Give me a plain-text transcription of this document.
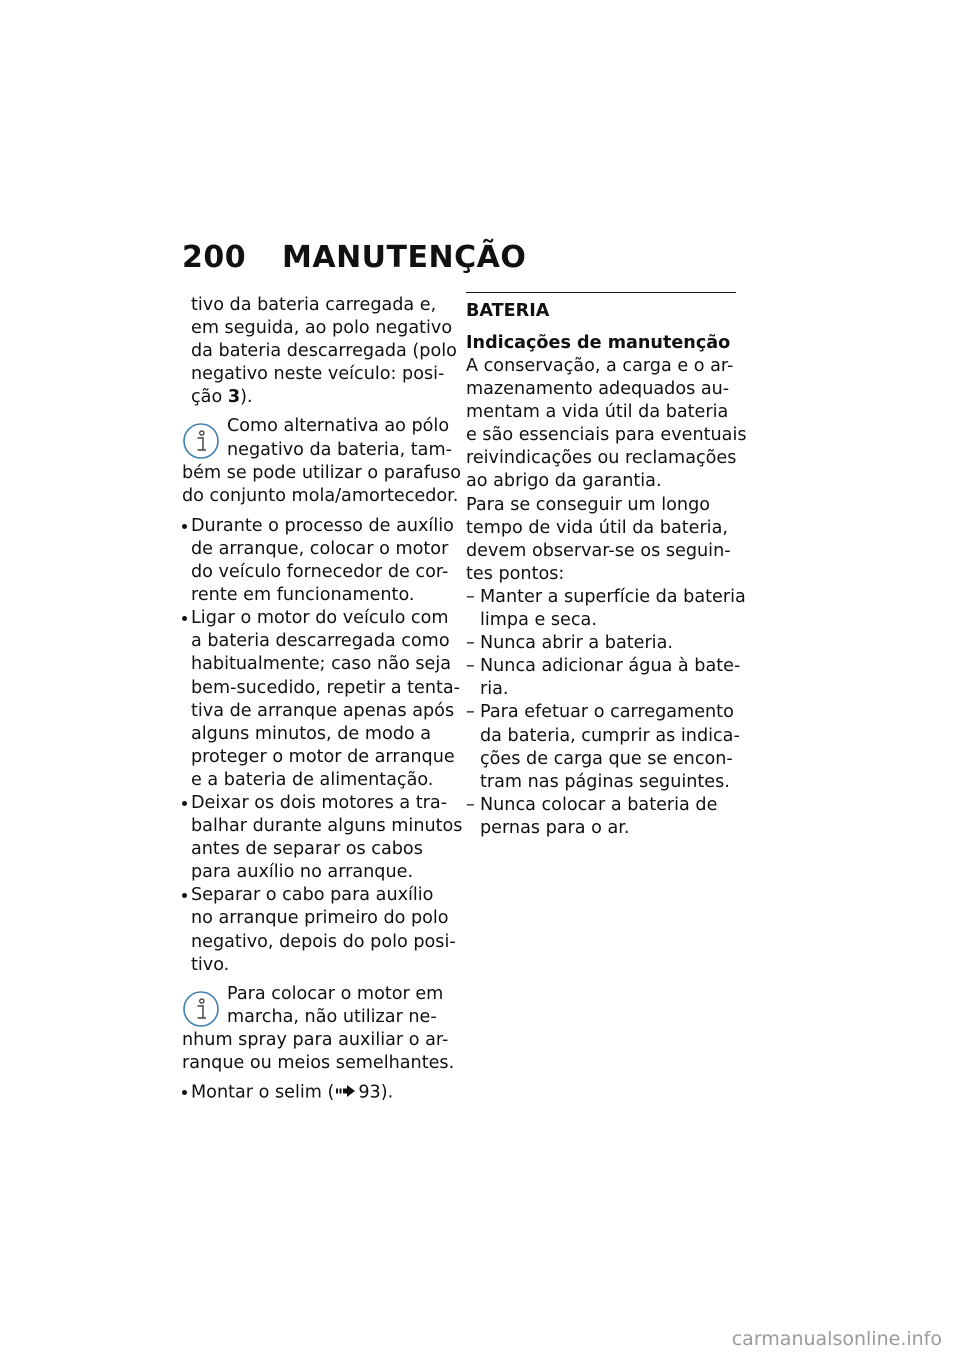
200 MANUTENÇÃO

tivo da bateria carregada e,
em seguida, ao polo negativo
da bateria descarregada (polo
negativo neste veículo: posi-
ção 3).

Como alternativa ao pólo
negativo da bateria, tam-
bém se pode utilizar o parafuso
do conjunto mola/amortecedor.
Durante o processo de auxílio
de arranque, colocar o motor
do veículo fornecedor de cor-
rente em funcionamento.
Ligar o motor do veículo com
a bateria descarregada como
habitualmente; caso não seja
bem-sucedido, repetir a tenta-
tiva de arranque apenas após
alguns minutos, de modo a
proteger o motor de arranque
e a bateria de alimentação.
Deixar os dois motores a tra-
balhar durante alguns minutos
antes de separar os cabos
para auxílio no arranque.
Separar o cabo para auxílio
no arranque primeiro do polo
negativo, depois do polo posi-
tivo.
Para colocar o motor em
marcha, não utilizar ne-
nhum spray para auxiliar o ar-
ranque ou meios semelhantes.
Montar o selim ( 93).
BATERIA
Indicações de manutenção
A conservação, a carga e o ar-
mazenamento adequados au-
mentam a vida útil da bateria
e são essenciais para eventuais
reivindicações ou reclamações
ao abrigo da garantia.
Para se conseguir um longo
tempo de vida útil da bateria,
devem observar-se os seguin-
tes pontos:
– Manter a superfície da bateria
limpa e seca.
– Nunca abrir a bateria.
– Nunca adicionar água à bate-
ria.
– Para efetuar o carregamento
da bateria, cumprir as indica-
ções de carga que se encon-
tram nas páginas seguintes.
– Nunca colocar a bateria de
pernas para o ar.
carmanualsonline.info
